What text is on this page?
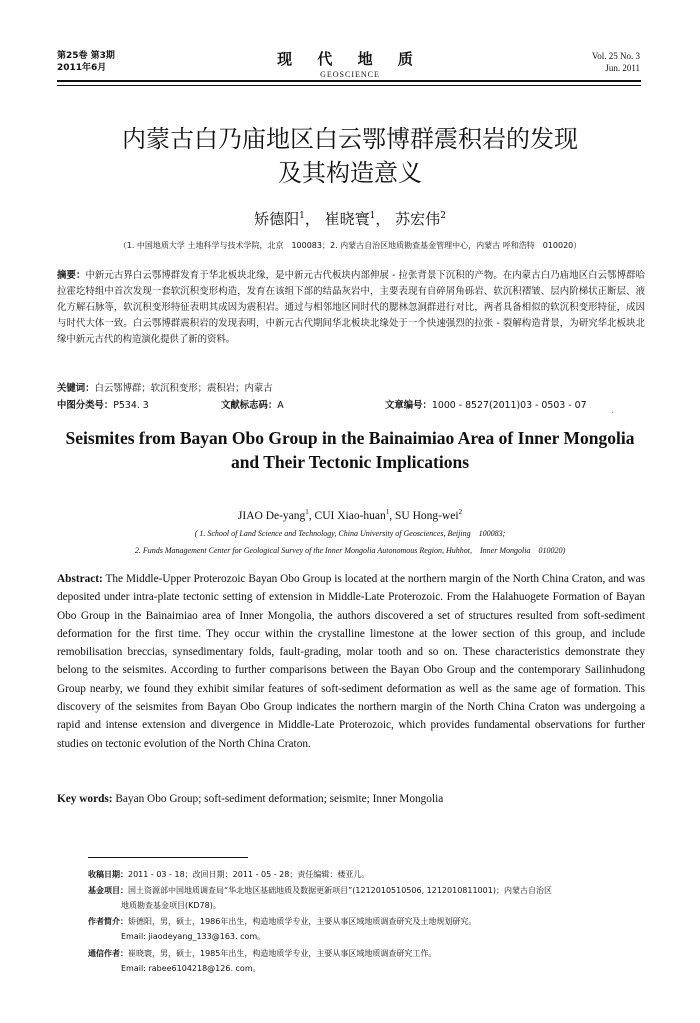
第25卷 第3期
2011年6月	现 代 地 质
GEOSCIENCE
Vol. 25 No. 3
Jun. 2011
内蒙古白乃庙地区白云鄂博群震积岩的发现
及其构造意义
矫德阳$^1$， 崔晓寰$^1$， 苏宏伟$^2$
（1. 中国地质大学 土地科学与技术学院，北京　100083；2. 内蒙古自治区地质勘查基金管理中心，内蒙古 呼和浩特　010020）
摘要：中新元古界白云鄂博群发育于华北板块北缘，是中新元古代板块内部伸展 - 拉张背景下沉积的产物。在内蒙古白乃庙地区白云鄂博群哈拉霍圪特组中首次发现一套软沉积变形构造，发育在该组下部的结晶灰岩中，主要表现有自碎屑角砾岩、软沉积褶皱、层内阶梯状正断层、液化方解石脉等，软沉积变形特征表明其成因为震积岩。通过与相邻地区同时代的腮林忽洞群进行对比，两者具备相似的软沉积变形特征，成因与时代大体一致。白云鄂博群震积岩的发现表明，中新元古代期间华北板块北缘处于一个快速强烈的拉张 - 裂解构造背景，为研究华北板块北缘中新元古代的构造演化提供了新的资料。
关键词：白云鄂博群；软沉积变形；震积岩；内蒙古
中图分类号：P534. 3	文献标志码：A	文章编号：1000 - 8527(2011)03 - 0503 - 07
Seismites from Bayan Obo Group in the Bainaimiao Area of Inner Mongolia
and Their Tectonic Implications
JIAO De-yang$^1$, CUI Xiao-huan$^1$, SU Hong-wei$^2$
( 1. School of Land Science and Technology, China University of Geosciences, Beijing　100083;
2. Funds Management Center for Geological Survey of the Inner Mongolia Autonomous Region, Huhhot,　Inner Mongolia　010020)
Abstract: The Middle-Upper Proterozoic Bayan Obo Group is located at the northern margin of the North China Craton, and was deposited under intra-plate tectonic setting of extension in Middle-Late Proterozoic. From the Halahuogete Formation of Bayan Obo Group in the Bainaimiao area of Inner Mongolia, the authors discovered a set of structures resulted from soft-sediment deformation for the first time. They occur within the crystalline limestone at the lower section of this group, and include remobilisation breccias, synsedimentary folds, fault-grading, molar tooth and so on. These characteristics demonstrate they belong to the seismites. According to further comparisons between the Bayan Obo Group and the contemporary Sailinhudong Group nearby, we found they exhibit similar features of soft-sediment deformation as well as the same age of formation. This discovery of the seismites from Bayan Obo Group indicates the northern margin of the North China Craton was undergoing a rapid and intense extension and divergence in Middle-Late Proterozoic, which provides fundamental observations for further studies on tectonic evolution of the North China Craton.
Key words: Bayan Obo Group; soft-sediment deformation; seismite; Inner Mongolia
收稿日期：2011 - 03 - 18；改回日期：2011 - 05 - 28；责任编辑：楼亚儿。
基金项目：国土资源部中国地质调查局“华北地区基础地质及数据更新项目”(1212010510506, 1212010811001)；内蒙古自治区
地质勘查基金项目(KD78)。
作者简介：矫德阳，男，硕士，1986年出生，构造地质学专业，主要从事区域地质调查研究及土地规划研究。
Email: jiaodeyang_133@163. com。
通信作者：崔晓寰，男，硕士，1985年出生，构造地质学专业，主要从事区域地质调查研究工作。
Email: rabee6104218@126. com。
